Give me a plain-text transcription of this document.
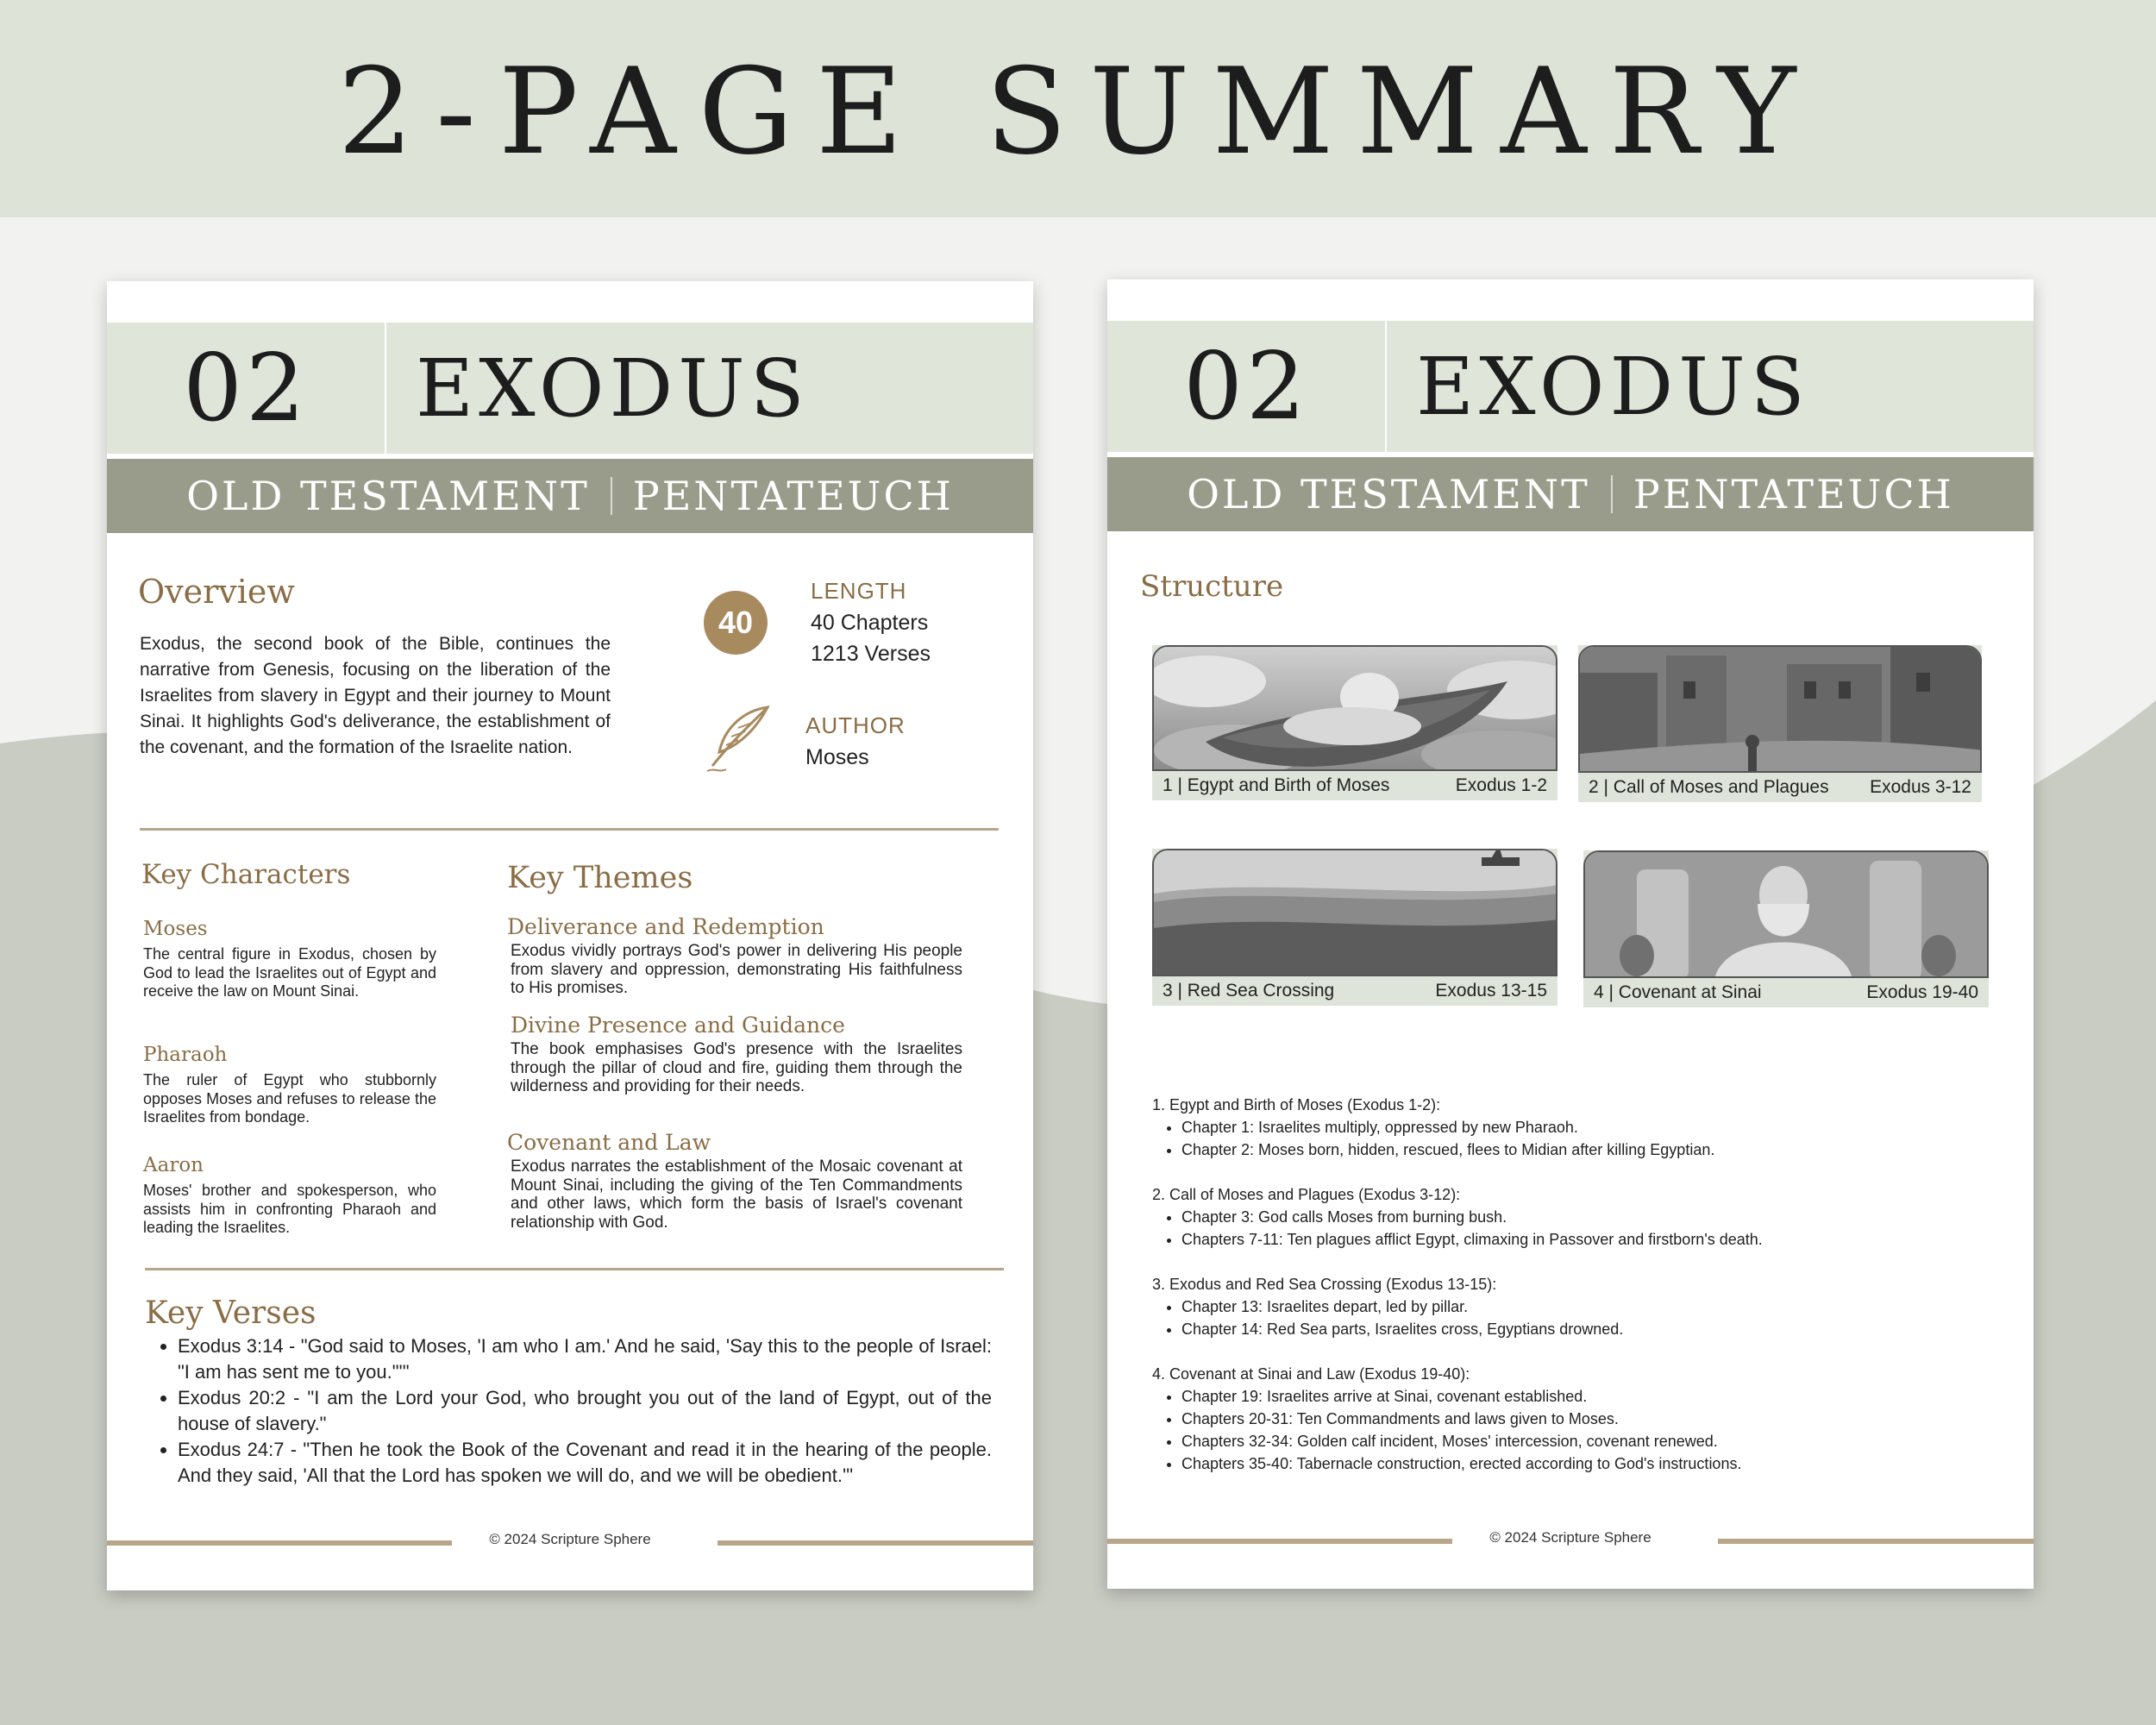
2-PAGE SUMMARY
02	EXODUS
OLD TESTAMENT PENTATEUCH
Overview
Exodus, the second book of the Bible, continues the narrative from Genesis, focusing on the liberation of the Israelites from slavery in Egypt and their journey to Mount Sinai. It highlights God's deliverance, the establishment of the covenant, and the formation of the Israelite nation.
40
LENGTH
40 Chapters
1213 Verses
AUTHOR
Moses
Key Characters
Moses
The central figure in Exodus, chosen by God to lead the Israelites out of Egypt and receive the law on Mount Sinai.
Pharaoh
The ruler of Egypt who stubbornly opposes Moses and refuses to release the Israelites from bondage.
Aaron
Moses' brother and spokesperson, who assists him in confronting Pharaoh and leading the Israelites.
Key Themes
Deliverance and Redemption
Exodus vividly portrays God's power in delivering His people from slavery and oppression, demonstrating His faithfulness to His promises.
Divine Presence and Guidance
The book emphasises God's presence with the Israelites through the pillar of cloud and fire, guiding them through the wilderness and providing for their needs.
Covenant and Law
Exodus narrates the establishment of the Mosaic covenant at Mount Sinai, including the giving of the Ten Commandments and other laws, which form the basis of Israel's covenant relationship with God.
Key Verses
• Exodus 3:14 - "God said to Moses, 'I am who I am.' And he said, 'Say this to the people of Israel: "I am has sent me to you."'"
• Exodus 20:2 - "I am the Lord your God, who brought you out of the land of Egypt, out of the house of slavery."
• Exodus 24:7 - "Then he took the Book of the Covenant and read it in the hearing of the people. And they said, 'All that the Lord has spoken we will do, and we will be obedient.'"
© 2024 Scripture Sphere
02	EXODUS
OLD TESTAMENT PENTATEUCH
Structure
1 | Egypt and Birth of Moses	Exodus 1-2 2 | Call of Moses and Plagues Exodus 3-12
3 | Red Sea Crossing	Exodus 13-15	4 | Covenant at Sinai	Exodus 19-40
1. Egypt and Birth of Moses (Exodus 1-2):
• Chapter 1: Israelites multiply, oppressed by new Pharaoh.
• Chapter 2: Moses born, hidden, rescued, flees to Midian after killing Egyptian.
2. Call of Moses and Plagues (Exodus 3-12):
• Chapter 3: God calls Moses from burning bush.
• Chapters 7-11: Ten plagues afflict Egypt, climaxing in Passover and firstborn's death.
3. Exodus and Red Sea Crossing (Exodus 13-15):
• Chapter 13: Israelites depart, led by pillar.
• Chapter 14: Red Sea parts, Israelites cross, Egyptians drowned.
4. Covenant at Sinai and Law (Exodus 19-40):
• Chapter 19: Israelites arrive at Sinai, covenant established.
• Chapters 20-31: Ten Commandments and laws given to Moses.
• Chapters 32-34: Golden calf incident, Moses' intercession, covenant renewed.
• Chapters 35-40: Tabernacle construction, erected according to God's instructions.
© 2024 Scripture Sphere
